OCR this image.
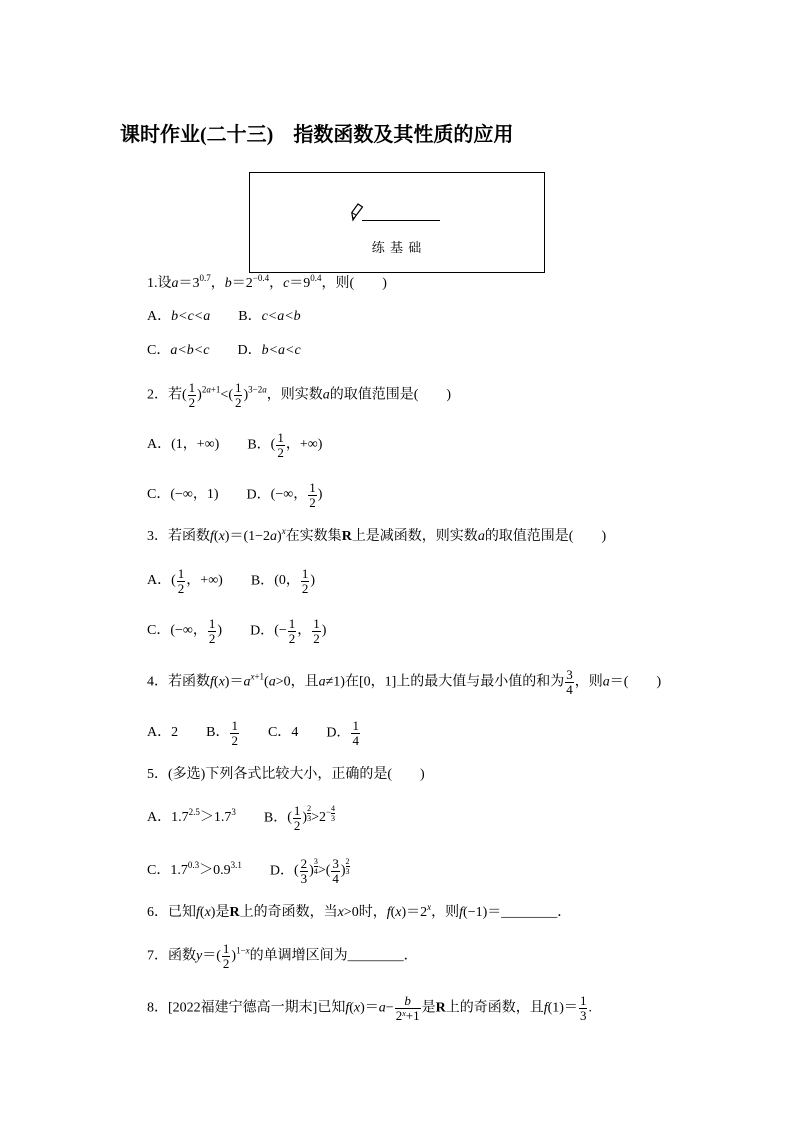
课时作业(二十三)　指数函数及其性质的应用
练 基 础
1.设$a=3^{0.7}$，$b=2^{-0.4}$，$c=9^{0.4}$，则(　　)
A．b<c<a B．c<a<b
C．a<b<c D．b<a<c
2．若( $\frac{1}{2} )^{2a+1}<( \frac{1}{2} )^{3-2a}$，则实数a的取值范围是(　　)
A．(1，+∞) B．( $\frac{1}{2}$ ，+∞)
C．(−∞，1) D．(−∞， $\frac{1}{2}$ )
3．若函数$f(x)=(1-2a)^x$在实数集R上是减函数，则实数a的取值范围是(　　)
A．( $\frac{1}{2}$ ，+∞) B．(0， $\frac{1}{2}$ )
C．(−∞， $\frac{1}{2}$ ) D．(− $\frac{1}{2}$ ， $\frac{1}{2}$ )
4．若函数$f(x)=a^{x+1}(a>0$，且a≠1)在[0，1]上的最大值与最小值的和为 $\frac{3}{4}$ ，则a＝(　　)
A．2 B． $\frac{1}{2}$ C．4 D． $\frac{1}{4}$
5．(多选)下列各式比较大小，正确的是(　　)
A．$1.7^{2.5}>1.7^3$ B．( $\frac{1}{2}$ ) $^{\frac{2}{3}} >2^{- \frac{4}{3}}$
C．$1.7^{0.3}>0.9^{3.1}$ D．( $\frac{2}{3}$ ) $^{\frac{3}{4}}$ >( $\frac{3}{4}$ ) $^{\frac{2}{3}}$
6．已知f(x)是R上的奇函数，当x>0时，$f(x)=2^x$，则f(−1)＝________．
7．函数$y=( \frac{1}{2} )^{1-x}$的单调增区间为________．
8．[2022福建宁德高一期末]已知$f(x)=a- \frac{b}{2^x+1}$ 是R上的奇函数，且$f(1)= \frac{1}{3}$ .
